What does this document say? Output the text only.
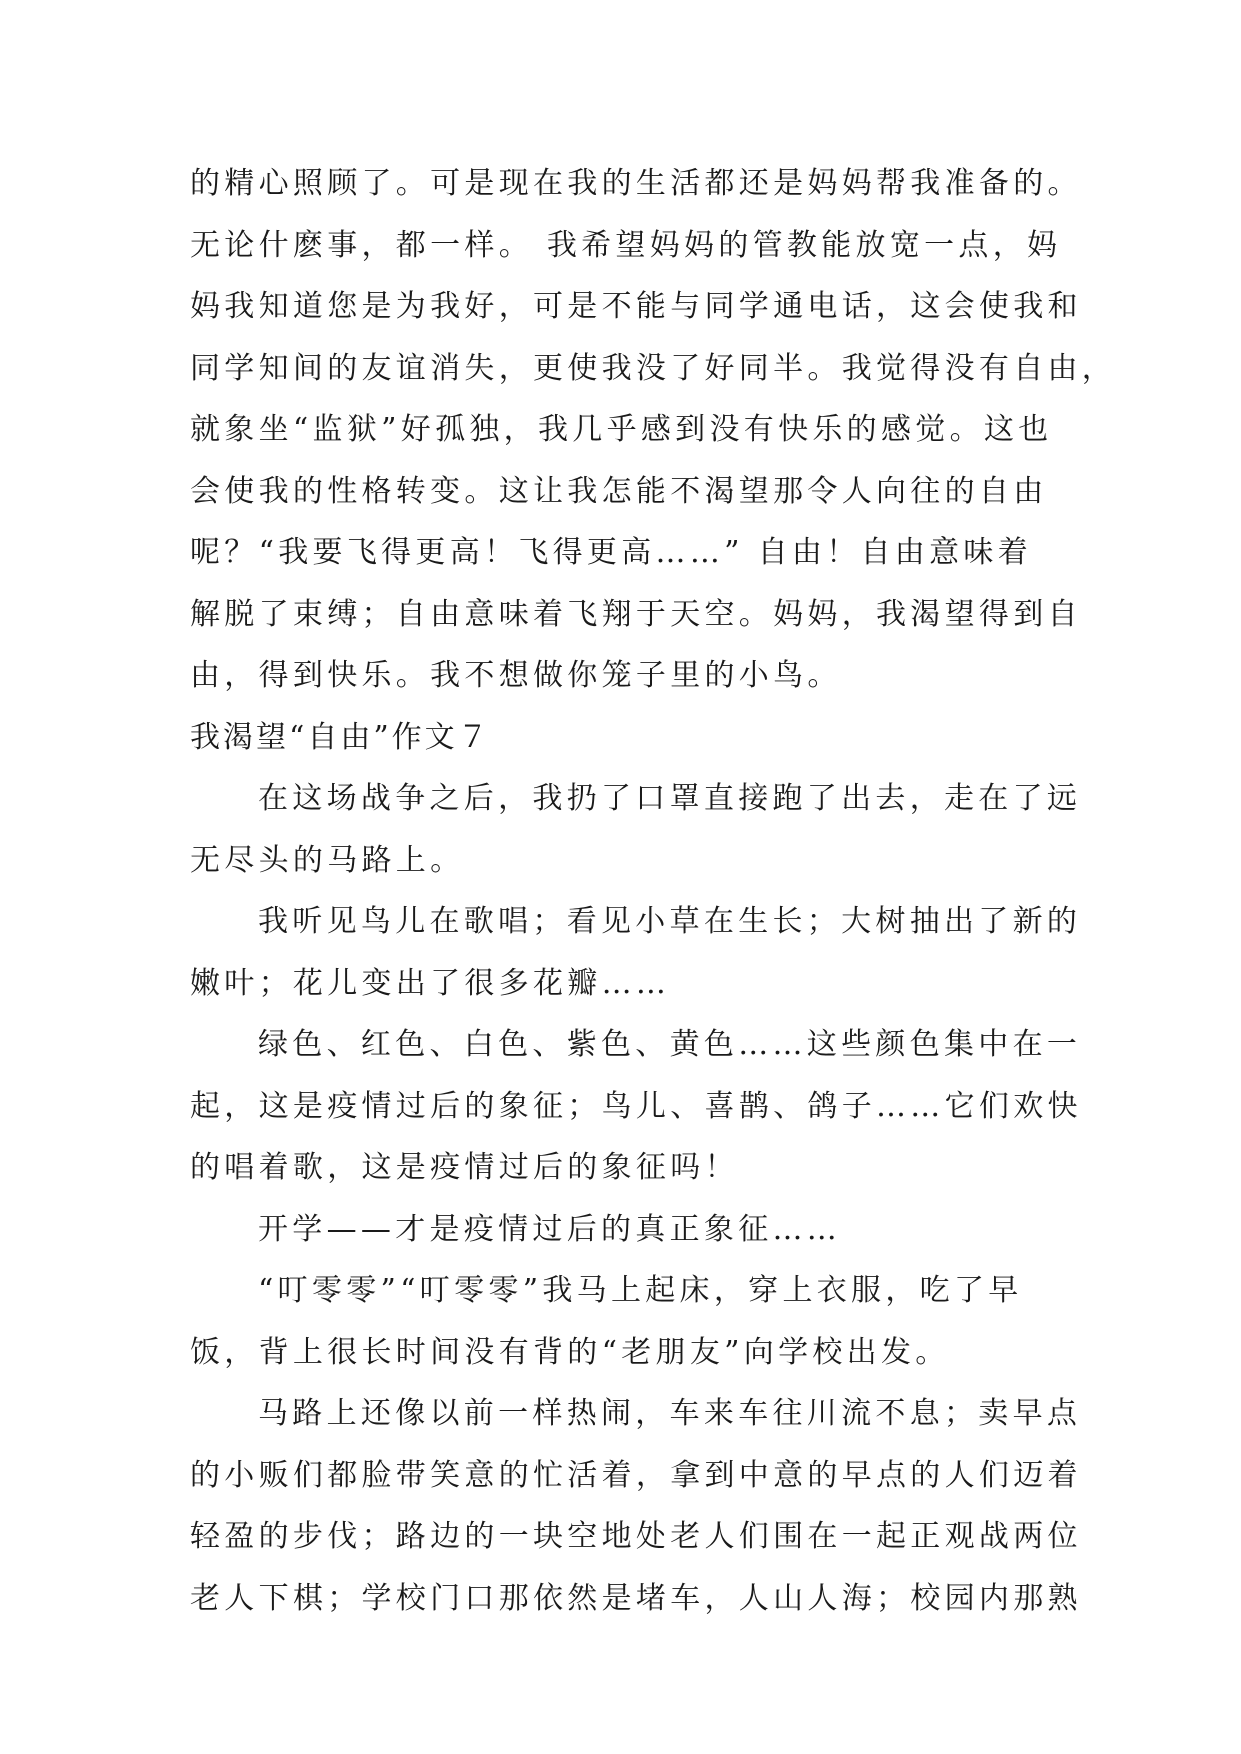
的精心照顾了。可是现在我的生活都还是妈妈帮我准备的。
无论什麽事，都一样。 我希望妈妈的管教能放宽一点，妈
妈我知道您是为我好，可是不能与同学通电话，这会使我和
同学知间的友谊消失，更使我没了好同半。我觉得没有自由，
就象坐“监狱”好孤独，我几乎感到没有快乐的感觉。这也
会使我的性格转变。这让我怎能不渴望那令人向往的自由
呢？“我要飞得更高！飞得更高……” 自由！自由意味着
解脱了束缚；自由意味着飞翔于天空。妈妈，我渴望得到自
由，得到快乐。我不想做你笼子里的小鸟。
我渴望“自由”作文７
在这场战争之后，我扔了口罩直接跑了出去，走在了远
无尽头的马路上。
我听见鸟儿在歌唱；看见小草在生长；大树抽出了新的
嫩叶；花儿变出了很多花瓣……
绿色、红色、白色、紫色、黄色……这些颜色集中在一
起，这是疫情过后的象征；鸟儿、喜鹊、鸽子……它们欢快
的唱着歌，这是疫情过后的象征吗！
开学——才是疫情过后的真正象征……
“叮零零”“叮零零”我马上起床，穿上衣服，吃了早
饭，背上很长时间没有背的“老朋友”向学校出发。
马路上还像以前一样热闹，车来车往川流不息；卖早点
的小贩们都脸带笑意的忙活着，拿到中意的早点的人们迈着
轻盈的步伐；路边的一块空地处老人们围在一起正观战两位
老人下棋；学校门口那依然是堵车，人山人海；校园内那熟
